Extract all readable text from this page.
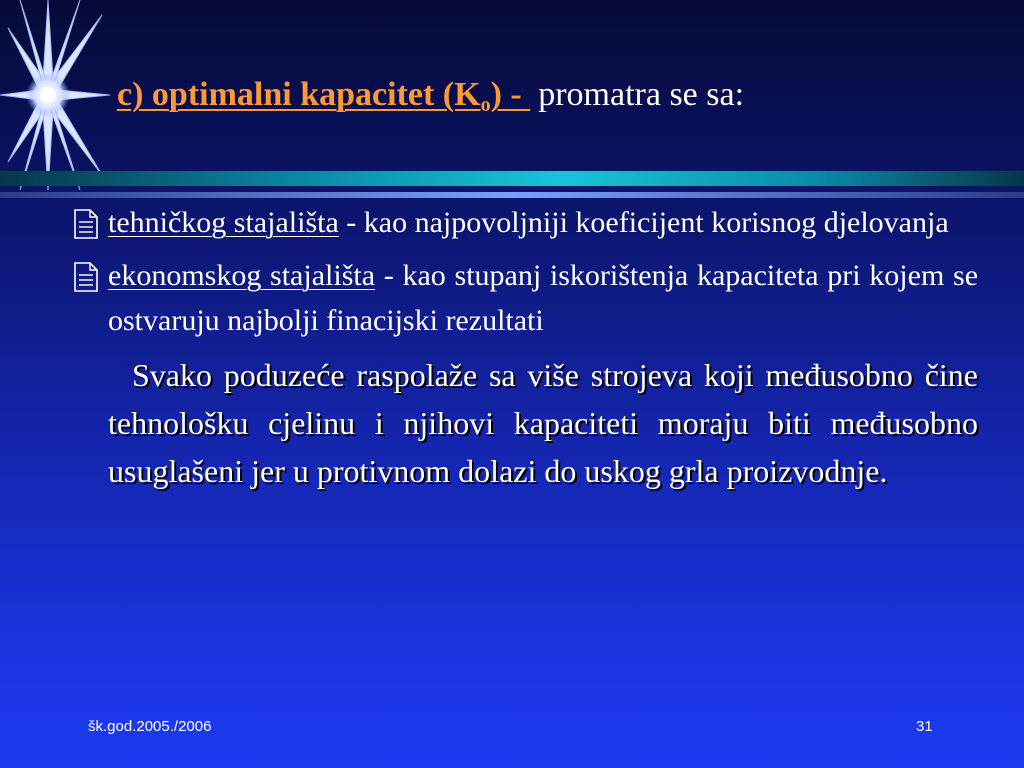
c) optimalni kapacitet $(K_o)$ - promatra se sa:
tehničkog stajališta - kao najpovoljniji koeficijent korisnog djelovanja
ekonomskog stajališta - kao stupanj iskorištenja kapaciteta pri kojem se ostvaruju najbolji finacijski rezultati
Svako poduzeće raspolaže sa više strojeva koji međusobno čine tehnološku cjelinu i njihovi kapaciteti moraju biti međusobno usuglašeni jer u protivnom dolazi do uskog grla proizvodnje.
šk.god.2005./2006	31
